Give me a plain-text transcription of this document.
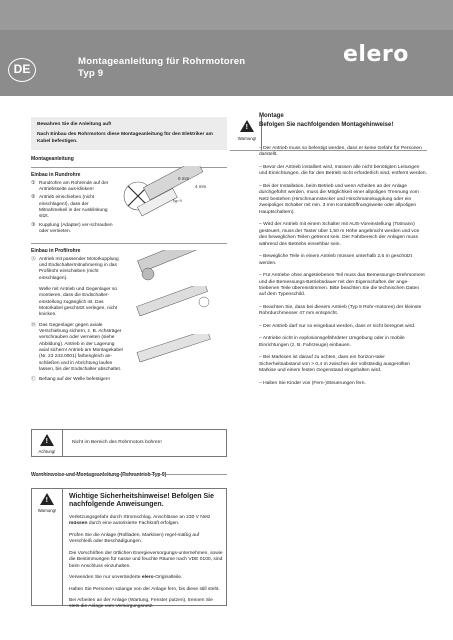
DE
Montageanleitung für Rohrmotoren
Typ 9
elero

Bewahren Sie die Anleitung auf!

Nach Einbau des Rohrmotors diese Montageanleitung für den Elektriker am Kabel befestigen.

Montageanleitung
Einbau in Rundrohre
① Rundrohre am Rohrende auf der Antriebsseite aus-klinken!
② Antrieb einschieben (nicht einschlagen!), dass der Mitnahmekeil in der Ausklinkung sitzt.
③ Kupplung (Adapter) ver-schrauben oder vernieten.
Einbau in Profilrohre
Ⓐ Antrieb mit passender Motorkupplung und Endschaltermitnahmering in das Profilrohr einschieben (nicht einschlagen).
Welle mit Antrieb und Gegenlager so montieren, dass die Endschalter-einstellung zugänglich ist. Das Motorkabel geschützt verlegen, nicht knicken.
Ⓑ Das Gegenlager gegen axiale Verschiebung sichern, z. B. Achsträger verschrauben oder vernieten (siehe Abbildung). Antrieb in der Lagerung axial sichern! Antrieb am Montagekabel (Nr. 23 243.0001) farbengleich an-schließen und in Abrichtung laufen lassen, bis der Endschalter abschaltet.
Ⓒ Behang auf der Welle befestigen!
9 mm
4 mm
Typ 9
!
Achtung!
Nicht im Bereich des Rohrmotors bohren!
Warnhinweise und Montageanleitung (Rohrantrieb Typ 9)
!
Warnung!
Wichtige Sicherheitshinweise! Befolgen Sie nachfolgende Anweisungen.

Verletzungsgefahr durch Stromschlag. Anschlüsse an 230 V Netz müssen durch eine autorisierte Fachkraft erfolgen.

Prüfen Sie die Anlage (Rollladen, Markisen) regel-mäßig auf Verschleiß oder Beschädigungen.

Die Vorschriften der örtlichen Energieversorgungs-unternehmen, sowie die Bestimmungen für nasse und feuchte Räume nach VDE 0100, sind beim Anschluss einzuhalten.

Verwenden Sie nur unveränderte elero-Originalteile.

Halten Sie Personen solange von der Anlage fern, bis diese still steht.

Bei Arbeiten an der Anlage (Wartung, Fenster putzen), trennen Sie stets die Anlage vom Versorgungsnetz.

!
Warnung!
Montage
Befolgen Sie nachfolgenden Montagehinweise!
– Der Antrieb muss so befestigt werden, dass er keine Gefahr für Personen darstellt.
– Bevor der Antrieb installiert wird, müssen alle nicht benötigten Leitungen und Einrichtungen, die für den Betrieb nicht erforderlich sind, entfernt werden.
– Bei der Installation, beim Betrieb und wenn Arbeiten an der Anlage durchgeführt werden, muss die Möglichkeit einer allpoligen Trennung vom Netz bestehen (Hirschmannstecker und Hirschmannkupplung oder ein zweipoliger Schalter mit min. 3 mm Kontaktöffnungsweite oder allpoligen Hauptschaltern).
– Wird der Antrieb mit einem Schalter mit AUS-Voreinstellung (Totmann) gesteuert, muss der Taster über 1,50 m Höhe angebracht werden und von den beweglichen Teilen getrennt sein. Der Fahrbereich der Anlagen muss während des Betriebs einsehbar sein.
– Bewegliche Teile in einem Antrieb müssen unterhalb 2,5 m geschützt werden.
– Für Antriebe ohne angetriebenes Teil muss das Bemessungs-Drehmoment und die Bemessungs-Betriebsdauer mit den Eigenschaften der ange-triebenen Teile übereinstimmen. Bitte beachten Sie die technischen Daten auf dem Typenschild.
– Beachten Sie, dass bei diesem Antrieb (Typ 9 Rohr-motoren) der kleinste Rohrdurchmesser 47 mm entspricht.
– Der Antrieb darf nur so eingebaut werden, dass er nicht beregnet wird.
– Antriebe nicht in explosionsgefährdeter Umgebung oder in mobile Einrichtungen (z. B. Fahrzeuge) einbauen.
– Bei Markisen ist darauf zu achten, dass ein horizon-taler Sicherheitsabstand von > 0,4 m zwischen der vollständig ausgerollten Markise und einem festen Gegenstand eingehalten wird.
– Halten Sie Kinder von (Fern-)Steuerungen fern.
